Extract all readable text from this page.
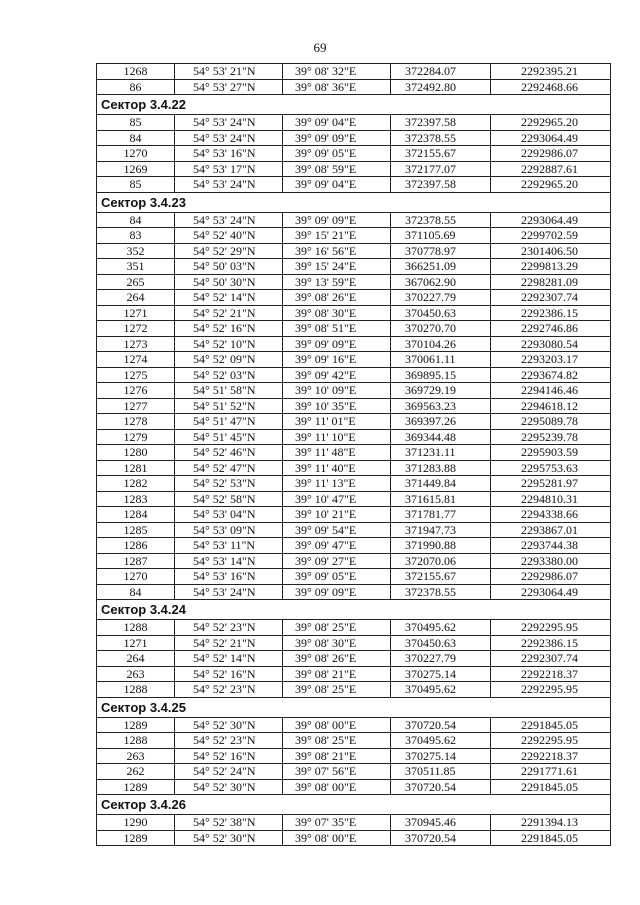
69
1268	54° 53' 21"N	39° 08' 32"E	372284.07	2292395.21
86	54° 53' 27"N	39° 08' 36"E	372492.80	2292468.66
Сектор 3.4.22				
85	54° 53' 24"N	39° 09' 04"E	372397.58	2292965.20
84	54° 53' 24"N	39° 09' 09"E	372378.55	2293064.49
1270	54° 53' 16"N	39° 09' 05"E	372155.67	2292986.07
1269	54° 53' 17"N	39° 08' 59"E	372177.07	2292887.61
85	54° 53' 24"N	39° 09' 04"E	372397.58	2292965.20
Сектор 3.4.23				
84	54° 53' 24"N	39° 09' 09"E	372378.55	2293064.49
83	54° 52' 40"N	39° 15' 21"E	371105.69	2299702.59
352	54° 52' 29"N	39° 16' 56"E	370778.97	2301406.50
351	54° 50' 03"N	39° 15' 24"E	366251.09	2299813.29
265	54° 50' 30"N	39° 13' 59"E	367062.90	2298281.09
264	54° 52' 14"N	39° 08' 26"E	370227.79	2292307.74
1271	54° 52' 21"N	39° 08' 30"E	370450.63	2292386.15
1272	54° 52' 16"N	39° 08' 51"E	370270.70	2292746.86
1273	54° 52' 10"N	39° 09' 09"E	370104.26	2293080.54
1274	54° 52' 09"N	39° 09' 16"E	370061.11	2293203.17
1275	54° 52' 03"N	39° 09' 42"E	369895.15	2293674.82
1276	54° 51' 58"N	39° 10' 09"E	369729.19	2294146.46
1277	54° 51' 52"N	39° 10' 35"E	369563.23	2294618.12
1278	54° 51' 47"N	39° 11' 01"E	369397.26	2295089.78
1279	54° 51' 45"N	39° 11' 10"E	369344.48	2295239.78
1280	54° 52' 46"N	39° 11' 48"E	371231.11	2295903.59
1281	54° 52' 47"N	39° 11' 40"E	371283.88	2295753.63
1282	54° 52' 53"N	39° 11' 13"E	371449.84	2295281.97
1283	54° 52' 58"N	39° 10' 47"E	371615.81	2294810.31
1284	54° 53' 04"N	39° 10' 21"E	371781.77	2294338.66
1285	54° 53' 09"N	39° 09' 54"E	371947.73	2293867.01
1286	54° 53' 11"N	39° 09' 47"E	371990.88	2293744.38
1287	54° 53' 14"N	39° 09' 27"E	372070.06	2293380.00
1270	54° 53' 16"N	39° 09' 05"E	372155.67	2292986.07
84	54° 53' 24"N	39° 09' 09"E	372378.55	2293064.49
Сектор 3.4.24				
1288	54° 52' 23"N	39° 08' 25"E	370495.62	2292295.95
1271	54° 52' 21"N	39° 08' 30"E	370450.63	2292386.15
264	54° 52' 14"N	39° 08' 26"E	370227.79	2292307.74
263	54° 52' 16"N	39° 08' 21"E	370275.14	2292218.37
1288	54° 52' 23"N	39° 08' 25"E	370495.62	2292295.95
Сектор 3.4.25				
1289	54° 52' 30"N	39° 08' 00"E	370720.54	2291845.05
1288	54° 52' 23"N	39° 08' 25"E	370495.62	2292295.95
263	54° 52' 16"N	39° 08' 21"E	370275.14	2292218.37
262	54° 52' 24"N	39° 07' 56"E	370511.85	2291771.61
1289	54° 52' 30"N	39° 08' 00"E	370720.54	2291845.05
Сектор 3.4.26				
1290	54° 52' 38"N	39° 07' 35"E	370945.46	2291394.13
1289	54° 52' 30"N	39° 08' 00"E	370720.54	2291845.05
